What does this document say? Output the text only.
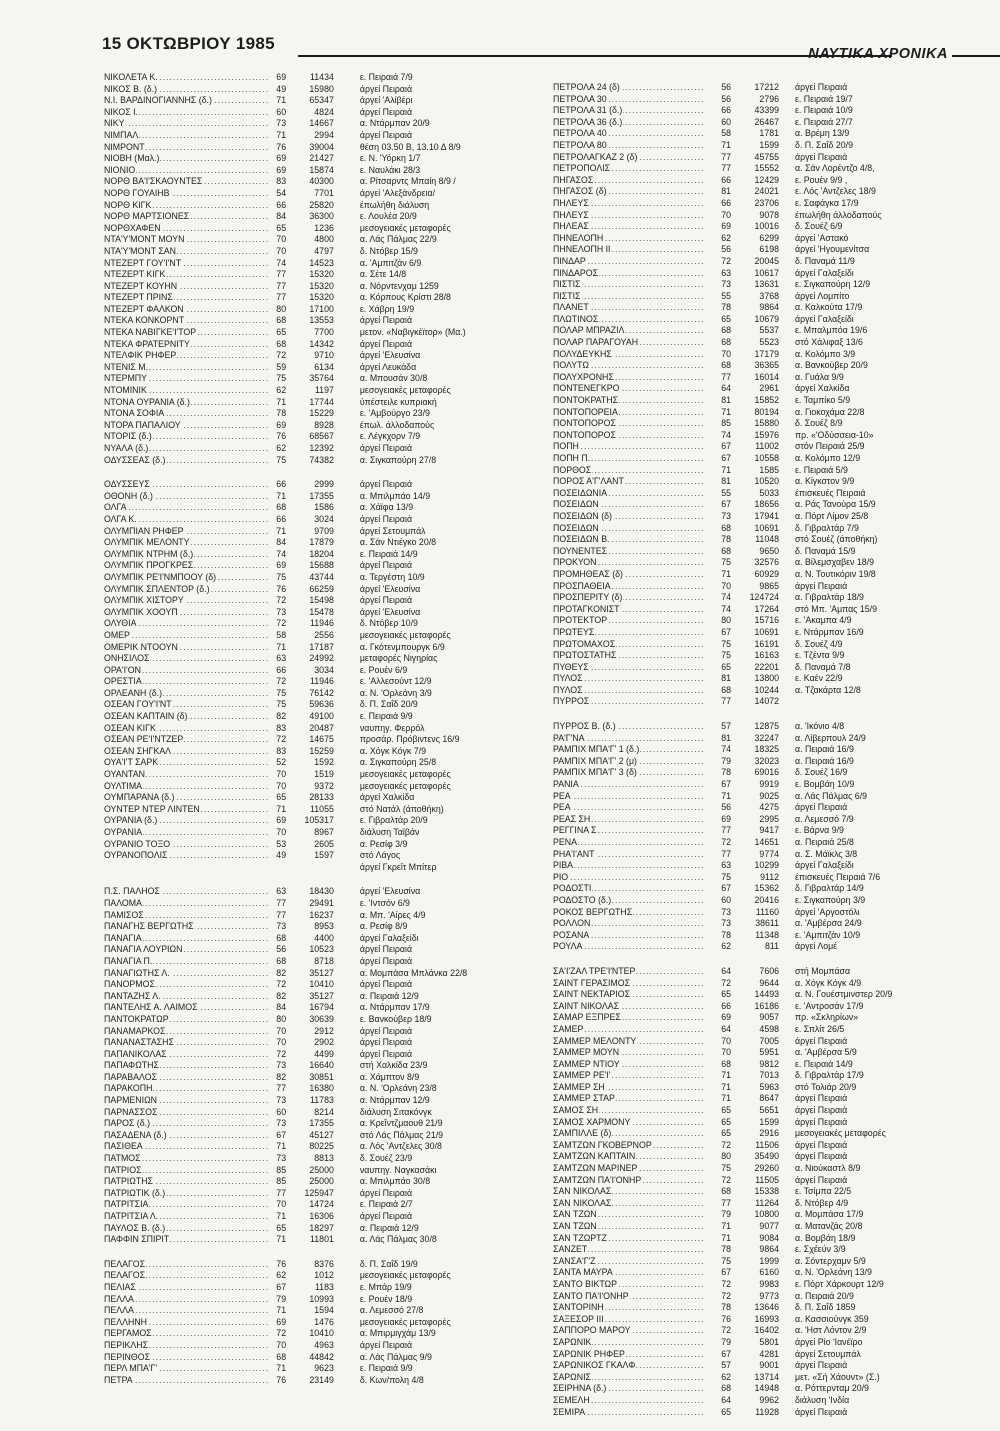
15 ΟΚΤΩΒΡΙΟΥ 1985
ΝΑΥΤΙΚΑ ΧΡΟΝΙΚΑ
ΝΙΚΟΛΕΤΑ Κ. .....	69	11434	ε. Πειραιά 7/9
ΝΙΚΟΣ Β. (δ.) .....	49	15980	άργεί Πειραιά
Ν.Ι. ΒΑΡΔΙΝΟΓΙΑΝΝΗΣ (δ.) .....	71	65347	άργεί 'Αλίβέρι
ΝΙΚΟΣ Ι. .....	60	4824	άργεί Πειραιά
ΝΙΚΥ .....	73	14667	α. Ντάρμπαν 20/9
ΝΙΜΠΑΛ .....	71	2994	άργεί Πειραιά
ΝΙΜΡΟΝΤ .....	76	39004	θέση 03.50 Β, 13.10 Δ 8/9
ΝΙΟΒΗ (Μαλ.) .....	69	21427	ε. Ν. 'Υόρκη 1/7
ΝΙΟΝΙΟ .....	69	15874	ε. Ναυλάκι 28/3
ΝΟΡΘ ΒΑ'Ι'ΣΚΑΟΥΝΤΕΣ .....	83	40300	α. Ρίτσαρντς Μπαίη 8/9 /
ΝΟΡΘ ΓΟΥΑΙΗΒ .....	54	7701	άργεί 'Αλεξάνδρεια/
ΝΟΡΘ ΚΙΓΚ .....	66	25820	έπωλήθη διάλυση
ΝΟΡΘ ΜΑΡΤΣΙΟΝΕΣ .....	84	36300	ε. Λουλέα 20/9
ΝΟΡΘΧΑΦΕΝ .....	65	1236	μεσογειακές μεταφορές
ΝΤΑ'Υ'ΜΟΝΤ ΜΟΥΝ .....	70	4800	α. Λάς Πάλμας 22/9
ΝΤΑ'Υ'ΜΟΝΤ ΣΑΝ .....	70	4797	δ. Ντόβερ 15/9
ΝΤΕΖΕΡΤ ΓΟΥ'Ι'ΝΤ .....	74	14523	α. 'Αμπιτζάν 6/9
ΝΤΕΖΕΡΤ ΚΙΓΚ .....	77	15320	α. Σέτε 14/8
ΝΤΕΖΕΡΤ ΚΟΥΗΝ .....	77	15320	α. Νόρντενχαμ 1259
ΝΤΕΖΕΡΤ ΠΡΙΝΣ .....	77	15320	α. Κόρπους Κρίστι 28/8
ΝΤΕΖΕΡΤ ΦΑΛΚΟΝ .....	80	17100	ε. Χάβρη 19/9
ΝΤΕΚΑ ΚΟΝΚΟΡΝΤ .....	68	13553	άργεί Πειραιά
ΝΤΕΚΑ ΝΑΒΙΓΚΕ'Ι'ΤΟΡ .....	65	7700	μετον. «Ναβιγκέϊτορ» (Μα.)
ΝΤΕΚΑ ΦΡΑΤΕΡΝΙΤΥ .....	68	14342	άργεί Πειραιά
ΝΤΕΛΦΙΚ ΡΗΦΕΡ .....	72	9710	άργεί 'Ελευσίνα
ΝΤΕΝΙΣ Μ. .....	59	6134	άργεί Λευκάδα
ΝΤΕΡΜΠΥ .....	75	35764	α. Μπουσάν 30/8
ΝΤΟΜΙΝΙΚ .....	62	1197	μεσογειακές μεταφορές
ΝΤΟΝΑ ΟΥΡΑΝΙΑ (δ.) .....	71	17744	ύπέστειλε κυπριακή
ΝΤΟΝΑ ΣΟΦΙΑ .....	78	15229	ε. 'Αμβούργο 23/9
ΝΤΟΡΑ ΠΑΠΑΛΙΟΥ .....	69	8928	έπωλ. άλλοδαπούς
ΝΤΟΡΙΣ (δ.) .....	76	68567	ε. Λέγκχορν 7/9
ΝΥΑΛΑ (δ.) .....	62	12392	άργεί Πειραιά
ΟΔΥΣΣΕΑΣ (δ.) .....	75	74382	α. Σιγκαπούρη 27/8
ΟΔΥΣΣΕΥΣ .....	66	2999	άργεί Πειραιά
ΟΘΟΝΗ (δ.) .....	71	17355	α. Μπιλμπάο 14/9
ΟΛΓΑ .....	68	1586	α. Χάϊφα 13/9
ΟΛΓΑ Κ. .....	66	3024	άργεί Πειραιά
ΟΛΥΜΠΙΑΝ ΡΗΦΕΡ .....	71	9709	άργεί Σετουμπάλ
ΟΛΥΜΠΙΚ ΜΕΛΟΝΤΥ .....	84	17879	α. Σάν Ντιέγκο 20/8
ΟΛΥΜΠΙΚ ΝΤΡΗΜ (δ.) .....	74	18204	ε. Πειραιά 14/9
ΟΛΥΜΠΙΚ ΠΡΟΓΚΡΕΣ .....	69	15688	άργεί Πειραιά
ΟΛΥΜΠΙΚ ΡΕ'Ι'ΝΜΠΟΟΥ (δ) .....	75	43744	α. Τεργέστη 10/9
ΟΛΥΜΠΙΚ ΣΠΛΕΝΤΟΡ (δ.) .....	76	66259	άργεί 'Ελευσίνα
ΟΛΥΜΠΙΚ ΧΙΣΤΟΡΥ .....	72	15498	άργεί Πειραιά
ΟΛΥΜΠΙΚ ΧΟΟΥΠ .....	73	15478	άργεί 'Ελευσίνα
ΟΛΥΘΙΑ .....	72	11946	δ. Ντόβερ 10/9
ΟΜΕΡ .....	58	2556	μεσογειακές μεταφορές
ΟΜΕΡΙΚ ΝΤΟΟΥΝ .....	71	17187	α. Γκότενμπουργκ 6/9
ΟΝΗΣΙΛΟΣ .....	63	24992	μεταφορές Νιγηρίας
ΟΡΑ'Ι'ΟΝ .....	66	3034	ε. Ρουέν 6/9
ΟΡΕΣΤΙΑ .....	72	11946	ε. 'Αλλεσούντ 12/9
ΟΡΛΕΑΝΗ (δ.) .....	75	76142	α. Ν. 'Ορλεάνη 3/9
ΟΣΕΑΝ ΓΟΥ'Ι'ΝΤ .....	75	59636	δ. Π. Σαΐδ 20/9
ΟΣΕΑΝ ΚΑΠΤΑΙΝ (δ) .....	82	49100	ε. Πειραιά 9/9
ΟΣΕΑΝ ΚΙΓΚ .....	83	20487	ναυπηγ. Φερρόλ
ΟΣΕΑΝ ΡΕ'Ι'ΝΤΖΕΡ .....	72	14675	προσάρ. Πρόβιντενς 16/9
ΟΣΕΑΝ ΣΗΓΚΑΛ .....	83	15259	α. Χόγκ Κόγκ 7/9
ΟΥΑ'Ι'Τ ΣΑΡΚ .....	52	1592	α. Σιγκαπούρη 25/8
ΟΥΑΝΤΑΝ .....	70	1519	μεσογειακές μεταφορές
ΟΥΛΤΙΜΑ .....	70	9372	μεσογειακές μεταφορές
ΟΥΜΠΑΡΑΝΑ (δ.) .....	65	28133	άργεί Χαλκίδα
ΟΥΝΤΕΡ ΝΤΕΡ ΛΙΝΤΕΝ .....	71	11055	στό Νατάλ (άποθήκη)
ΟΥΡΑΝΙΑ (δ.) .....	69	105317	ε. Γιβραλτάρ 20/9
ΟΥΡΑΝΙΑ .....	70	8967	διάλυση Ταϊβάν
ΟΥΡΑΝΙΟ ΤΟΞΟ .....	53	2605	α. Ρεσίφ 3/9
ΟΥΡΑΝΟΠΟΛΙΣ .....	49	1597	στό Λάγος
άργεί Γκρεΐτ Μπίτερ
Π.Σ. ΠΑΛΗΟΣ .....	63	18430	άργεί 'Ελευσίνα
ΠΑΛΟΜΑ .....	77	29491	ε. 'Ιντσόν 6/9
ΠΑΜΙΣΟΣ .....	77	16237	α. Μπ. 'Αίρες 4/9
ΠΑΝΑΓΗΣ ΒΕΡΓΩΤΗΣ .....	73	8953	α. Ρεσίφ 8/9
ΠΑΝΑΓΙΑ .....	68	4400	άργεί Γαλαξείδι
ΠΑΝΑΓΙΑ ΛΟΥΡΙΩΝ .....	56	10523	άργεί Πειραιά
ΠΑΝΑΓΙΑ Π. .....	68	8718	άργεί Πειραιά
ΠΑΝΑΓΙΩΤΗΣ Λ. .....	82	35127	α. Μομπάσα Μπλάνκα 22/8
ΠΑΝΟΡΜΟΣ .....	72	10410	άργεί Πειραιά
ΠΑΝΤΑΖΗΣ Λ. .....	82	35127	α. Πειραιά 12/9
ΠΑΝΤΕΛΗΣ Α. ΛΑΙΜΟΣ .....	84	16794	α. Ντάρμπαν 17/9
ΠΑΝΤΟΚΡΑΤΩΡ .....	80	30639	ε. Βανκούβερ 18/9
ΠΑΝΑΜΑΡΚΟΣ .....	70	2912	άργεί Πειραιά
ΠΑΝΑΝΑΣΤΑΣΗΣ .....	70	2902	άργεί Πειραιά
ΠΑΠΑΝΙΚΟΛΑΣ .....	72	4499	άργεί Πειραιά
ΠΑΠΑΦΩΤΗΣ .....	73	16640	στή Χαλκίδα 23/9
ΠΑΡΑΒΑΛΟΣ .....	82	30851	α. Χάμπτον 8/9
ΠΑΡΑΚΟΠΗ .....	77	16380	α. Ν. 'Ορλεάνη 23/8
ΠΑΡΜΕΝΙΩΝ .....	73	11783	α. Ντάρμπαν 12/9
ΠΑΡΝΑΣΣΟΣ .....	60	8214	διάλυση Σιτακόνγκ
ΠΑΡΟΣ (δ.) .....	73	17355	α. Κρεΐντζμαουθ 21/9
ΠΑΣΑΔΕΝΑ (δ.) .....	67	45127	στό Λάς Πάλμας 21/9
ΠΑΣΙΘΕΑ .....	71	80225	α. Λός 'Αντζελες 30/8
ΠΑΤΜΟΣ .....	73	8813	δ. Σουέζ 23/9
ΠΑΤΡΙΟΣ .....	85	25000	ναυπηγ. Ναγκασάκι
ΠΑΤΡΙΩΤΗΣ .....	85	25000	α. Μπιλμπάο 30/8
ΠΑΤΡΙΩΤΙΚ (δ.) .....	77	125947	άργεί Πειραιά
ΠΑΤΡΙΤΣΙΑ .....	70	14724	ε. Πειραιά 2/7
ΠΑΤΡΙΤΣΙΑ Λ. .....	71	16306	άργεί Πειραιά
ΠΑΥΛΟΣ Β. (δ.) .....	65	18297	α. Πειραιά 12/9
ΠΑΦΦΙΝ ΣΠΙΡΙΤ .....	71	11801	α. Λάς Πάλμας 30/8
ΠΕΛΑΓΟΣ .....	76	8376	δ. Π. Σαΐδ 19/9
ΠΕΛΑΓΟΣ .....	62	1012	μεσογειακές μεταφορές
ΠΕΛΙΑΣ .....	67	1183	ε. Μπάρ 19/9
ΠΕΛΛΑ .....	79	10993	ε. Ρουέν 18/9
ΠΕΛΛΑ .....	71	1594	α. Λεμεσσό 27/8
ΠΕΛΛΗΝΗ .....	69	1476	μεσογειακές μεταφορές
ΠΕΡΓΑΜΟΣ .....	72	10410	α. Μπιρμιγχάμ 13/9
ΠΕΡΙΚΛΗΣ .....	70	4963	άργεί Πειραιά
ΠΕΡΙΝΘΟΣ .....	68	44842	α. Λάς Πάλμας 9/9
ΠΕΡΛ ΜΠΑ'Γ' .....	71	9623	ε. Πειραιά 9/9
ΠΕΤΡΑ .....	76	23149	δ. Κων/πολη 4/8
ΠΕΤΡΟΛΑ 24 (δ) .....	56	17212	άργεί Πειραιά
ΠΕΤΡΟΛΑ 30 .....	56	2796	ε. Πειραιά 19/7
ΠΕΤΡΟΛΑ 31 (δ.) .....	66	43399	ε. Πειραιά 10/9
ΠΕΤΡΟΛΑ 36 (δ.) .....	60	26467	ε. Πειραιά 27/7
ΠΕΤΡΟΛΑ 40 .....	58	1781	α. Βρέμη 13/9
ΠΕΤΡΟΛΑ 80 .....	71	1599	δ. Π. Σαΐδ 20/9
ΠΕΤΡΟΛΑΓΚΑΖ 2 (δ) .....	77	45755	άργεί Πειραιά
ΠΕΤΡΟΠΟΛΙΣ .....	77	15552	α. Σάν Λορέντζο 4/8,
ΠΗΓΑΣΟΣ .....	66	12429	ε. Ρουέν 9/9 ,
ΠΗΓΑΣΟΣ (δ) .....	81	24021	ε. Λός 'Αντζελες 18/9
ΠΗΛΕΥΣ .....	66	23706	ε. Σαφάγκα 17/9
ΠΗΛΕΥΣ .....	70	9078	έπωλήθη άλλοδαπούς
ΠΗΛΕΑΣ .....	69	10016	δ. Σουέζ 6/9
ΠΗΝΕΛΟΠΗ .....	62	6299	άργεί 'Αστακό
ΠΗΝΕΛΟΠΗ ΙΙ .....	56	6198	άργεί 'Ηγουμενίτσα
ΠΙΝΔΑΡ .....	72	20045	δ. Παναμά 11/9
ΠΙΝΔΑΡΟΣ .....	63	10617	άργεί Γαλαξείδι
ΠΙΣΤΙΣ .....	73	13631	ε. Σιγκαπούρη 12/9
ΠΙΣΤΙΣ .....	55	3768	άργεί Λομπίτο
ΠΛΑΝΕΤ .....	78	9864	α. Καλκούτα 17/9
ΠΛΩΤΙΝΟΣ .....	65	10679	άργεί Γαλαξείδι
ΠΟΛΑΡ ΜΠΡΑΖΙΛ .....	68	5537	ε. Μπαλμπόα 19/6
ΠΟΛΑΡ ΠΑΡΑΓΟΥΑΗ .....	68	5523	στό Χάλιφαξ 13/6
ΠΟΛΥΔΕΥΚΗΣ .....	70	17179	α. Κολόμπο 3/9
ΠΟΛΥΤΩ .....	68	36365	α. Βανκούβερ 20/9
ΠΟΛΥΧΡΟΝΗΣ .....	77	16014	α. Γυάλα 9/9
ΠΟΝΤΕΝΕΓΚΡΟ .....	64	2961	άργεί Χαλκίδα
ΠΟΝΤΟΚΡΑΤΗΣ .....	81	15852	ε. Ταμπίκο 5/9
ΠΟΝΤΟΠΟΡΕΙΑ .....	71	80194	α. Γιοκοχάμα 22/8
ΠΟΝΤΟΠΟΡΟΣ .....	85	15880	δ. Σουέζ 8/9
ΠΟΝΤΟΠΟΡΟΣ .....	74	15976	πρ. «'Οδύσσεια-10»
ΠΟΠΗ .....	67	11002	στόν Πειραιά 25/9
ΠΟΠΗ Π. .....	67	10558	α. Κολόμπο 12/9
ΠΟΡΘΟΣ .....	71	1585	ε. Πειραιά 5/9
ΠΟΡΟΣ Α'Γ'ΛΑΝΤ .....	81	10520	α. Κίγκστον 9/9
ΠΟΣΕΙΔΩΝΙΑ .....	55	5033	έπισκευές Πειραιά
ΠΟΣΕΙΔΩΝ .....	67	18656	α. Ράς Τανούρα 15/9
ΠΟΣΕΙΔΩΝ (δ) .....	73	17941	α. Πόρτ Λίμον 25/8
ΠΟΣΕΙΔΩΝ .....	68	10691	δ. Γιβραλτάρ 7/9
ΠΟΣΕΙΔΩΝ Β. .....	78	11048	στό Σουέζ (άποθήκη)
ΠΟΥΝΕΝΤΕΣ .....	68	9650	δ. Παναμά 15/9
ΠΡΟΚΥΟΝ .....	75	32576	α. Βίλεμσχαβεν 18/9
ΠΡΟΜΗΘΕΑΣ (δ) .....	71	60929	α. Ν. Τουτικόριν 19/8
ΠΡΟΣΠΑΘΕΙΑ .....	70	9865	άργεί Πειραιά
ΠΡΟΣΠΕΡΙΤΥ (δ) .....	74	124724	α. Γιβραλτάρ 18/9
ΠΡΟΤΑΓΚΟΝΙΣΤ .....	74	17264	στό Μπ. 'Αμπας 15/9
ΠΡΟΤΕΚΤΟΡ .....	80	15716	ε. 'Ακαμπα 4/9
ΠΡΩΤΕΥΣ .....	67	10691	ε. Ντάρμπαν 16/9
ΠΡΩΤΟΜΑΧΟΣ .....	75	16191	δ. Σουέζ 4/9
ΠΡΩΤΟΣΤΑΤΗΣ .....	75	16163	ε. Τζέντα 9/9
ΠΥΘΕΥΣ .....	65	22201	δ. Παναμά 7/8
ΠΥΛΟΣ .....	81	13800	ε. Καέν 22/9
ΠΥΛΟΣ .....	68	10244	α. Τζακάρτα 12/8
ΠΥΡΡΟΣ .....	77	14072
ΠΥΡΡΟΣ Β. (δ.) .....	57	12875	α. 'Ικόνιο 4/8
ΡΑ'Γ'ΝΑ .....	81	32247	α. Λίβερπουλ 24/9
ΡΑΜΠΙΧ ΜΠΑ'Γ' 1 (δ.) .....	74	18325	α. Πειραιά 16/9
ΡΑΜΠΙΧ ΜΠΑ'Γ' 2 (μ) .....	79	32023	α. Πειραιά 16/9
ΡΑΜΠΙΧ ΜΠΑ'Γ' 3 (δ) .....	78	69016	δ. Σουέζ 16/9
ΡΑΝΙΑ .....	67	9919	ε. Βομβάη 10/9
ΡΕΑ .....	71	9025	α. Λάς Πάλμας 6/9
ΡΕΑ .....	56	4275	άργεί Πειραιά
ΡΕΑΣ ΣΗ .....	69	2995	α. Λεμεσσό 7/9
ΡΕΓΓΙΝΑ Σ .....	77	9417	ε. Βάρνα 9/9
ΡΕΝΑ .....	72	14651	α. Πειραιά 25/8
ΡΗΑ'Ι'ΑΝΤ .....	77	9774	α. Σ. Μάϊκλς 3/8
ΡΙΒΑ .....	63	10299	άργεί Γαλαξείδι
ΡΙΟ .....	75	9112	έπισκευές Πειραιά 7/6
ΡΟΔΟΣΤΙ .....	67	15362	δ. Γιβραλτάρ 14/9
ΡΟΔΟΣΤΟ (δ.) .....	60	20416	ε. Σιγκαπούρη 3/9
ΡΟΚΟΣ ΒΕΡΓΩΤΗΣ .....	73	11160	άργεί 'Αργοστόλι
ΡΟΛΛΟΝ .....	73	38611	α. 'Αμβέρσα 24/9
ΡΟΣΑΝΑ .....	78	11348	ε. 'Αμπιτζάν 10/9
ΡΟΥΛΑ .....	62	811	άργεί Λομέ
ΣΑ'Ι'ΖΑΛ ΤΡΕ'Ι'ΝΤΕΡ .....	64	7606	στή Μομπάσα
ΣΑΙΝΤ ΓΕΡΑΣΙΜΟΣ .....	72	9644	α. Χόγκ Κόγκ 4/9
ΣΑΙΝΤ ΝΕΚΤΑΡΙΟΣ .....	65	14493	α. Ν. Γουέστμινστερ 20/9
ΣΑΙΝΤ ΝΙΚΟΛΑΣ .....	66	16186	ε. 'Αντροσάν 17/9
ΣΑΜΑΡ ΕΞΠΡΕΣ .....	69	9057	πρ. «Σκληρίων»
ΣΑΜΕΡ .....	64	4598	ε. Σπλίτ 26/5
ΣΑΜΜΕΡ ΜΕΛΟΝΤΥ .....	70	7005	άργεί Πειραιά
ΣΑΜΜΕΡ ΜΟΥΝ .....	70	5951	α. 'Αμβέρσα 5/9
ΣΑΜΜΕΡ ΝΤΙΟΥ .....	68	9812	ε. Πειραιά 14/9
ΣΑΜΜΕΡ ΡΕ'Ι' .....	71	7013	δ. Γιβραλτάρ 17/9
ΣΑΜΜΕΡ ΣΗ .....	71	5963	στό Τολιάρ 20/9
ΣΑΜΜΕΡ ΣΤΑΡ .....	71	8647	άργεί Πειραιά
ΣΑΜΟΣ ΣΗ .....	65	5651	άργεί Πειραιά
ΣΑΜΟΣ ΧΑΡΜΟΝΥ .....	65	1599	άργεί Πειραιά
ΣΑΜΠΙΛΛΕ (δ) .....	65	2916	μεσογειακές μεταφορές
ΣΑΜΤΖΩΝ ΓΚΟΒΕΡΝΟΡ .....	72	11506	άργεί Πειραιά
ΣΑΜΤΖΩΝ ΚΑΠΤΑΙΝ .....	80	35490	άργεί Πειραιά
ΣΑΜΤΖΩΝ ΜΑΡΙΝΕΡ .....	75	29260	α. Νιούκαστλ 8/9
ΣΑΜΤΖΩΝ ΠΑ'Ι'ΟΝΗΡ .....	72	11505	άργεί Πειραιά
ΣΑΝ ΝΙΚΟΛΑΣ .....	68	15338	ε. Τσίμπα 22/5
ΣΑΝ ΝΙΚΟΛΑΣ .....	77	11264	δ. Ντόβερ 4/9
ΣΑΝ ΤΖΩΝ .....	79	10800	α. Μομπάσα 17/9
ΣΑΝ ΤΖΩΝ .....	71	9077	α. Ματανζάς 20/8
ΣΑΝ ΤΖΩΡΤΖ .....	71	9084	α. Βομβάη 18/9
ΣΑΝΖΕΤ .....	78	9864	ε. Σχέεύν 3/9
ΣΑΝΣΑ'Γ'Ζ .....	75	1999	α. Σόντερχαμν 5/9
ΣΑΝΤΑ ΜΑΥΡΑ .....	67	6160	α. Ν. 'Ορλεάνη 13/9
ΣΑΝΤΟ ΒΙΚΤΩΡ .....	72	9983	ε. Πόρτ Χάρκουρτ 12/9
ΣΑΝΤΟ ΠΑ'Ι'ΟΝΗΡ .....	72	9773	α. Πειραιά 20/9
ΣΑΝΤΟΡΙΝΗ .....	78	13646	δ. Π. Σαΐδ 1859
ΣΑΞΕΣΟΡ ΙΙΙ .....	76	16993	α. Κασσιούνγκ 359
ΣΑΠΠΟΡΟ ΜΑΡΟΥ .....	72	16402	α. 'Ηστ Λόντον 2/9
ΣΑΡΩΝΙΚ .....	79	5801	άργεί Ρίο 'Ιανέϊρο
ΣΑΡΩΝΙΚ ΡΗΦΕΡ .....	67	4281	άργεί Σετουμπάλ
ΣΑΡΩΝΙΚΟΣ ΓΚΑΛΦ .....	57	9001	άργεί Πειραιά
ΣΑΡΩΝΙΣ .....	62	13714	μετ. «Σή Χάουντ» (Σ.)
ΣΕΙΡΗΝΑ (δ.) .....	68	14948	α. Ρόττερνταμ 20/9
ΣΕΜΕΛΗ .....	64	9962	διάλυση 'Ινδία
ΣΕΜΙΡΑ .....	65	11928	άργεί Πειραιά
